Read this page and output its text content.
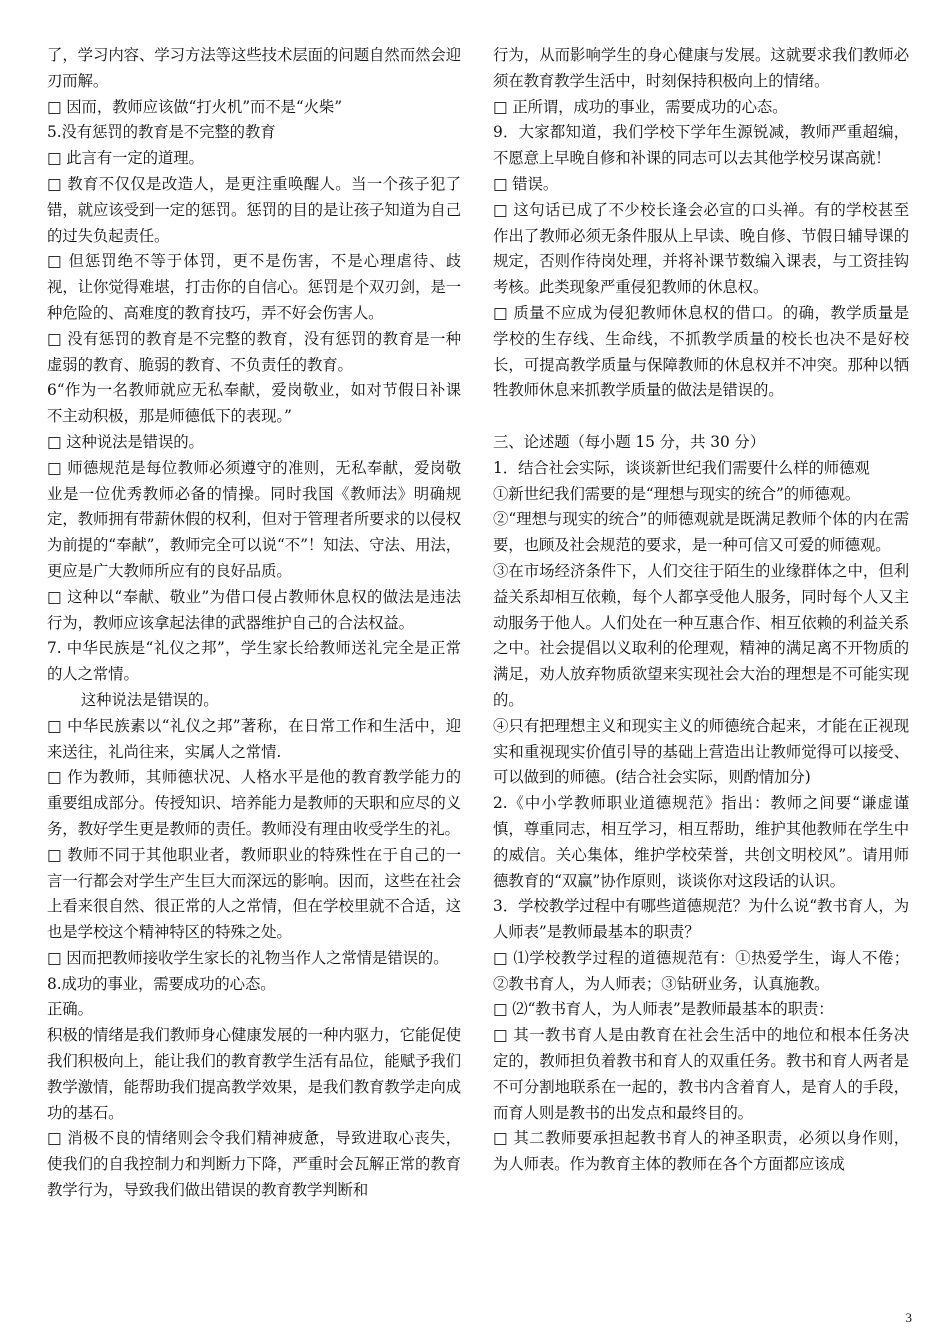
了，学习内容、学习方法等这些技术层面的问题自然而然会迎刃而解。

□ 因而，教师应该做“打火机”而不是“火柴”

5.没有惩罚的教育是不完整的教育

□ 此言有一定的道理。

□ 教育不仅仅是改造人，是更注重唤醒人。当一个孩子犯了错，就应该受到一定的惩罚。惩罚的目的是让孩子知道为自己的过失负起责任。

□ 但惩罚绝不等于体罚，更不是伤害，不是心理虐待、歧视，让你觉得难堪，打击你的自信心。惩罚是个双刃剑，是一种危险的、高难度的教育技巧，弄不好会伤害人。

□ 没有惩罚的教育是不完整的教育，没有惩罚的教育是一种虚弱的教育、脆弱的教育、不负责任的教育。

6“作为一名教师就应无私奉献，爱岗敬业，如对节假日补课不主动积极，那是师德低下的表现。”

□ 这种说法是错误的。

□ 师德规范是每位教师必须遵守的准则，无私奉献，爱岗敬业是一位优秀教师必备的情操。同时我国《教师法》明确规定，教师拥有带薪休假的权利，但对于管理者所要求的以侵权为前提的“奉献”，教师完全可以说“不”！知法、守法、用法，更应是广大教师所应有的良好品质。

□ 这种以“奉献、敬业”为借口侵占教师休息权的做法是违法行为，教师应该拿起法律的武器维护自己的合法权益。

7. 中华民族是“礼仪之邦”，学生家长给教师送礼完全是正常的人之常情。

这种说法是错误的。

□ 中华民族素以“礼仪之邦”著称，在日常工作和生活中，迎来送往，礼尚往来，实属人之常情.

□ 作为教师，其师德状况、人格水平是他的教育教学能力的重要组成部分。传授知识、培养能力是教师的天职和应尽的义务，教好学生更是教师的责任。教师没有理由收受学生的礼。

□ 教师不同于其他职业者，教师职业的特殊性在于自己的一言一行都会对学生产生巨大而深远的影响。因而，这些在社会上看来很自然、很正常的人之常情，但在学校里就不合适，这也是学校这个精神特区的特殊之处。

□ 因而把教师接收学生家长的礼物当作人之常情是错误的。

8.成功的事业，需要成功的心态。

正确。

积极的情绪是我们教师身心健康发展的一种内驱力，它能促使我们积极向上，能让我们的教育教学生活有品位，能赋予我们教学激情，能帮助我们提高教学效果，是我们教育教学走向成功的基石。

□ 消极不良的情绪则会令我们精神疲惫，导致进取心丧失，使我们的自我控制力和判断力下降，严重时会瓦解正常的教育教学行为，导致我们做出错误的教育教学判断和

行为，从而影响学生的身心健康与发展。这就要求我们教师必须在教育教学生活中，时刻保持积极向上的情绪。

□ 正所谓，成功的事业，需要成功的心态。

9．大家都知道，我们学校下学年生源锐减，教师严重超编，不愿意上早晚自修和补课的同志可以去其他学校另谋高就！

□ 错误。

□ 这句话已成了不少校长逢会必宣的口头禅。有的学校甚至作出了教师必须无条件服从上早读、晚自修、节假日辅导课的规定，否则作待岗处理，并将补课节数编入课表，与工资挂钩考核。此类现象严重侵犯教师的休息权。

□ 质量不应成为侵犯教师休息权的借口。的确，教学质量是学校的生存线、生命线，不抓教学质量的校长也决不是好校长，可提高教学质量与保障教师的休息权并不冲突。那种以牺牲教师休息来抓教学质量的做法是错误的。

三、论述题（每小题 15 分，共 30 分）

1．结合社会实际，谈谈新世纪我们需要什么样的师德观

①新世纪我们需要的是“理想与现实的统合”的师德观。

②“理想与现实的统合”的师德观就是既满足教师个体的内在需要，也顾及社会规范的要求，是一种可信又可爱的师德观。

③在市场经济条件下，人们交往于陌生的业缘群体之中，但利益关系却相互依赖，每个人都享受他人服务，同时每个人又主动服务于他人。人们处在一种互惠合作、相互依赖的利益关系之中。社会提倡以义取利的伦理观，精神的满足离不开物质的满足，劝人放弃物质欲望来实现社会大治的理想是不可能实现的。

④只有把理想主义和现实主义的师德统合起来，才能在正视现实和重视现实价值引导的基础上营造出让教师觉得可以接受、可以做到的师德。(结合社会实际，则酌情加分)

2.《中小学教师职业道德规范》指出：教师之间要“谦虚谨慎，尊重同志，相互学习，相互帮助，维护其他教师在学生中的威信。关心集体，维护学校荣誉，共创文明校风”。请用师德教育的“双赢”协作原则，谈谈你对这段话的认识。

3．学校教学过程中有哪些道德规范？为什么说“教书育人，为人师表”是教师最基本的职责？

□ ⑴学校教学过程的道德规范有：①热爱学生，诲人不倦；②教书育人，为人师表；③钻研业务，认真施教。

□ ⑵“教书育人，为人师表”是教师最基本的职责：

□ 其一教书育人是由教育在社会生活中的地位和根本任务决定的，教师担负着教书和育人的双重任务。教书和育人两者是不可分割地联系在一起的，教书内含着育人，是育人的手段，而育人则是教书的出发点和最终目的。

□ 其二教师要承担起教书育人的神圣职责，必须以身作则，为人师表。作为教育主体的教师在各个方面都应该成

3
